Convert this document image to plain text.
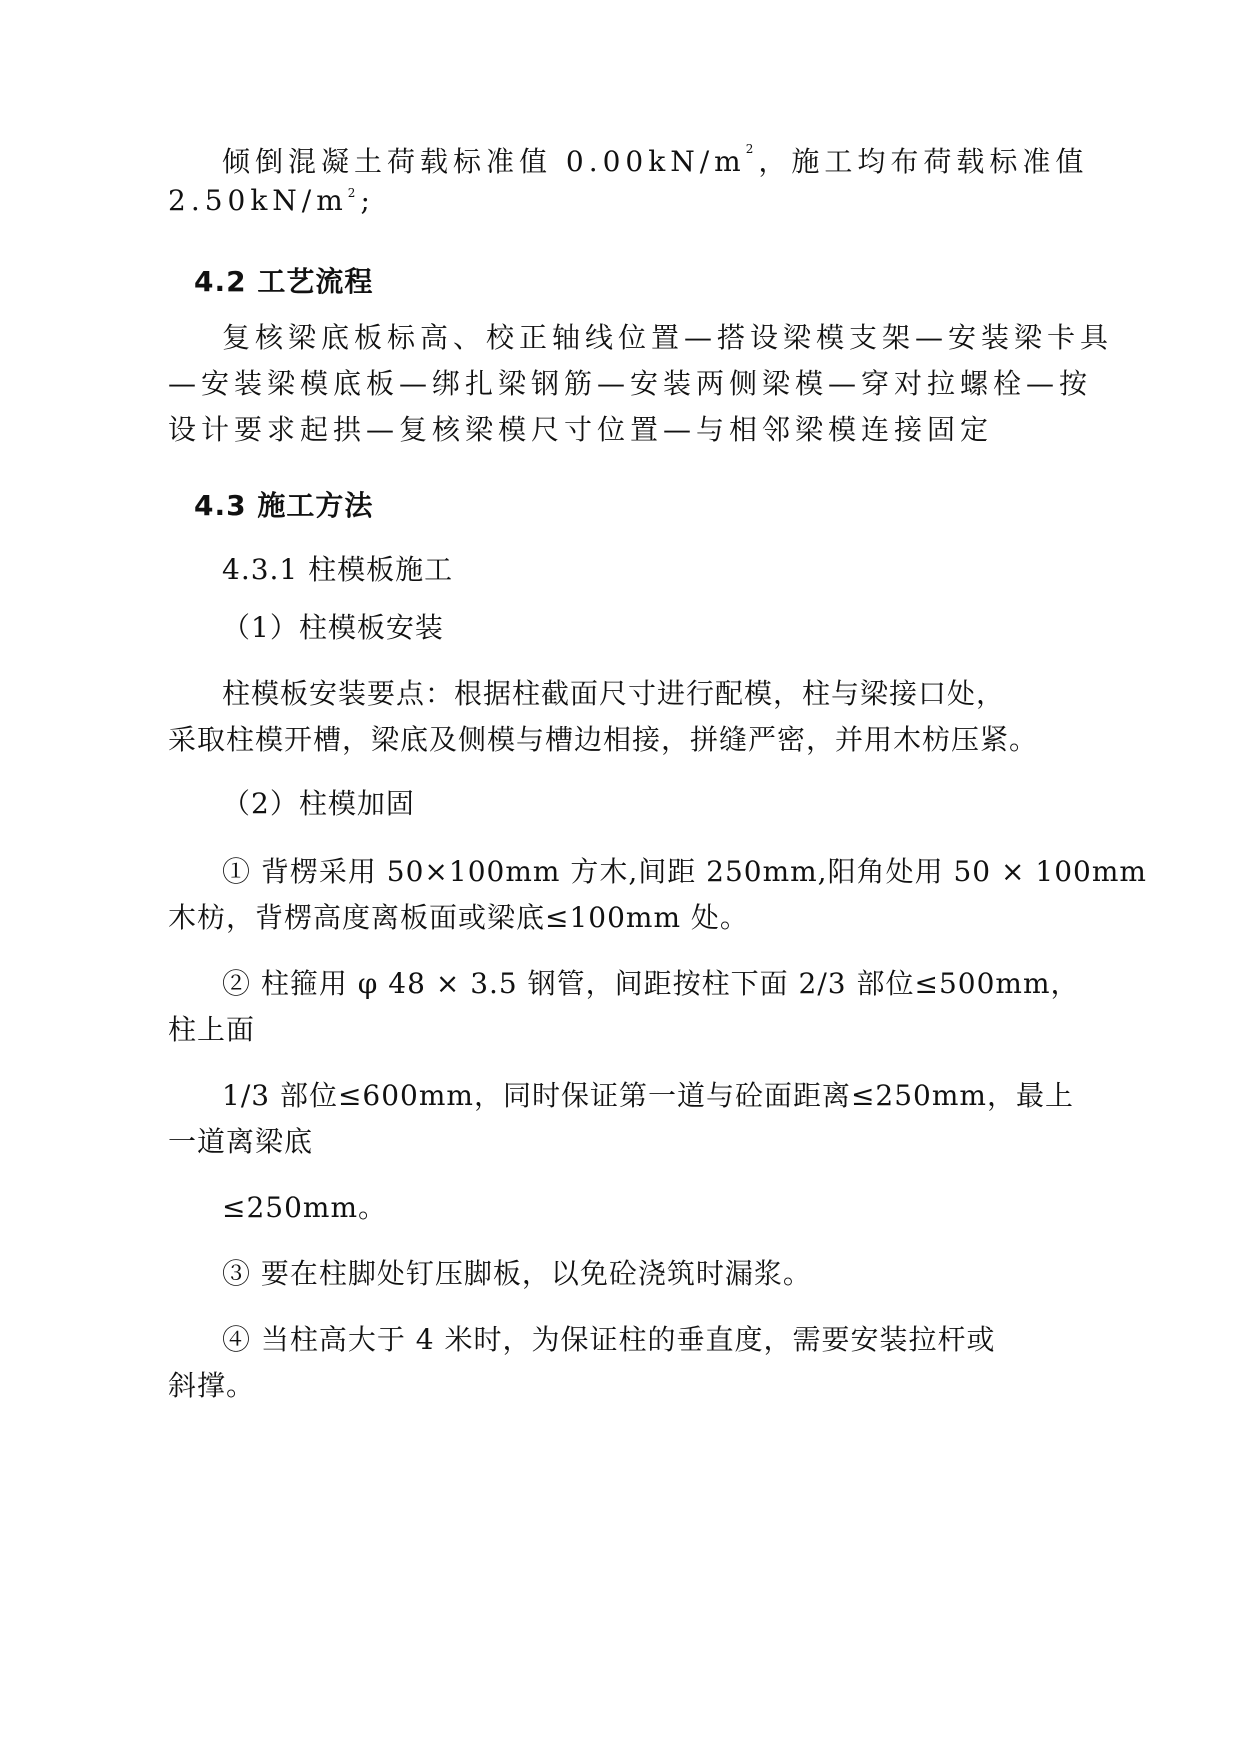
倾倒混凝土荷载标准值 $0.00kN/m^2$，施工均布荷载标准值
$2.50kN/m^2$;
4.2 工艺流程
复核梁底板标高、校正轴线位置—搭设梁模支架—安装梁卡具
—安装梁模底板—绑扎梁钢筋—安装两侧梁模—穿对拉螺栓—按
设计要求起拱—复核梁模尺寸位置—与相邻梁模连接固定
4.3 施工方法
4.3.1 柱模板施工
（1）柱模板安装
柱模板安装要点：根据柱截面尺寸进行配模，柱与梁接口处，
采取柱模开槽，梁底及侧模与槽边相接，拼缝严密，并用木枋压紧。
（2）柱模加固
① 背楞采用 50×100mm 方木,间距 250mm,阳角处用 50 × 100mm
木枋，背楞高度离板面或梁底≤100mm 处。
② 柱箍用 φ 48 × 3.5 钢管，间距按柱下面 2/3 部位≤500mm，
柱上面
1/3 部位≤600mm，同时保证第一道与砼面距离≤250mm，最上
一道离梁底
≤250mm。
③ 要在柱脚处钉压脚板，以免砼浇筑时漏浆。
④ 当柱高大于 4 米时，为保证柱的垂直度，需要安装拉杆或
斜撑。
